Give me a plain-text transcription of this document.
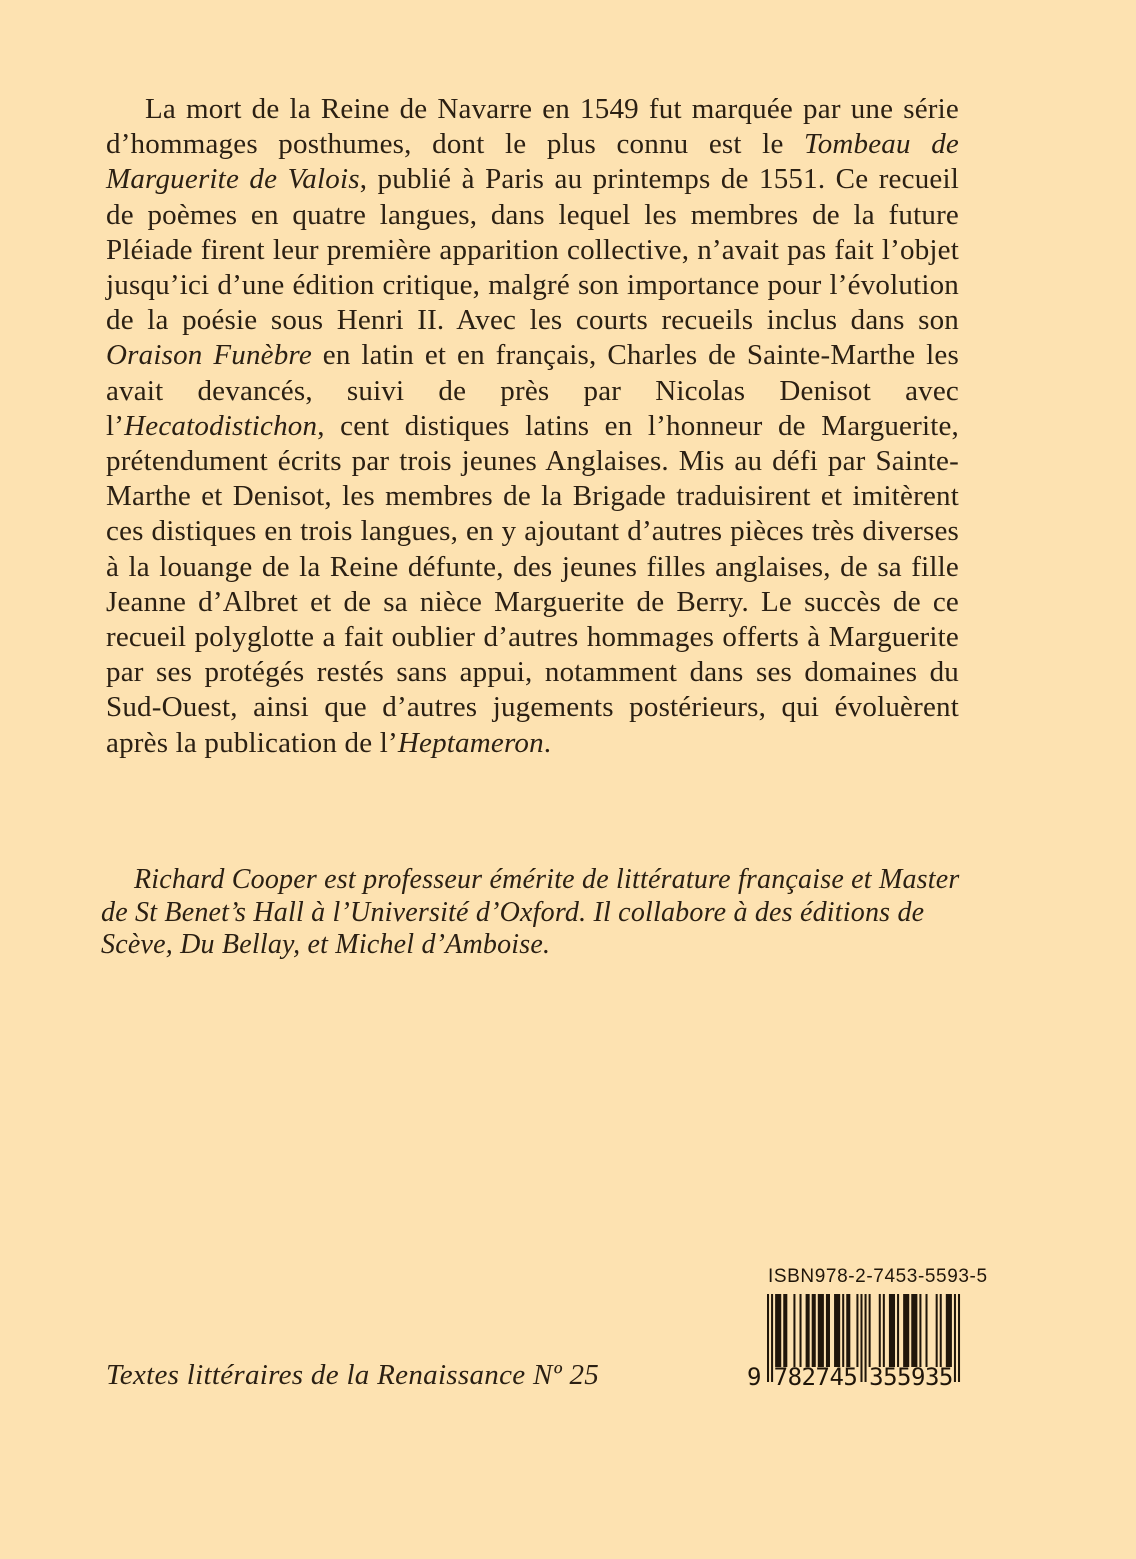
La mort de la Reine de Navarre en 1549 fut marquée par une série d’hommages posthumes, dont le plus connu est le Tombeau de Marguerite de Valois, publié à Paris au printemps de 1551. Ce recueil de poèmes en quatre langues, dans lequel les membres de la future Pléiade firent leur première apparition collective, n’avait pas fait l’objet jusqu’ici d’une édition critique, malgré son importance pour l’évolution de la poésie sous Henri II. Avec les courts recueils inclus dans son Oraison Funèbre en latin et en français, Charles de Sainte-Marthe les avait devancés, suivi de près par Nicolas Denisot avec l’Hecatodistichon, cent distiques latins en l’honneur de Marguerite, prétendument écrits par trois jeunes Anglaises. Mis au défi par Sainte-Marthe et Denisot, les membres de la Brigade traduisirent et imitèrent ces distiques en trois langues, en y ajoutant d’autres pièces très diverses à la louange de la Reine défunte, des jeunes filles anglaises, de sa fille Jeanne d’Albret et de sa nièce Marguerite de Berry. Le succès de ce recueil polyglotte a fait oublier d’autres hommages offerts à Marguerite par ses protégés restés sans appui, notamment dans ses domaines du Sud-Ouest, ainsi que d’autres jugements postérieurs, qui évoluèrent après la publication de l’Heptameron.

Richard Cooper est professeur émérite de littérature française et Master de St Benet’s Hall à l’Université d’Oxford. Il collabore à des éditions de Scève, Du Bellay, et Michel d’Amboise.

Textes littéraires de la Renaissance Nº 25

ISBN 978-2-7453-5593-5
9 782745 355935
